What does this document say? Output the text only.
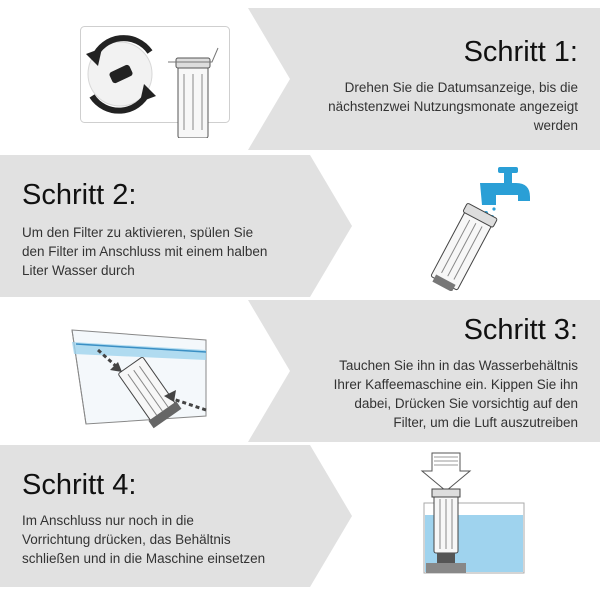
Schritt 1:
Drehen Sie die Datumsanzeige, bis die
nächstenzwei Nutzungsmonate angezeigt
werden
Schritt 2:
Um den Filter zu aktivieren, spülen Sie
den Filter im Anschluss mit einem halben
Liter Wasser durch
Schritt 3:
Tauchen Sie ihn in das Wasserbehältnis
Ihrer Kaffeemaschine ein. Kippen Sie ihn
dabei, Drücken Sie vorsichtig auf den
Filter, um die Luft auszutreiben
Schritt 4:
Im Anschluss nur noch in die
Vorrichtung drücken, das Behältnis
schließen und in die Maschine einsetzen
